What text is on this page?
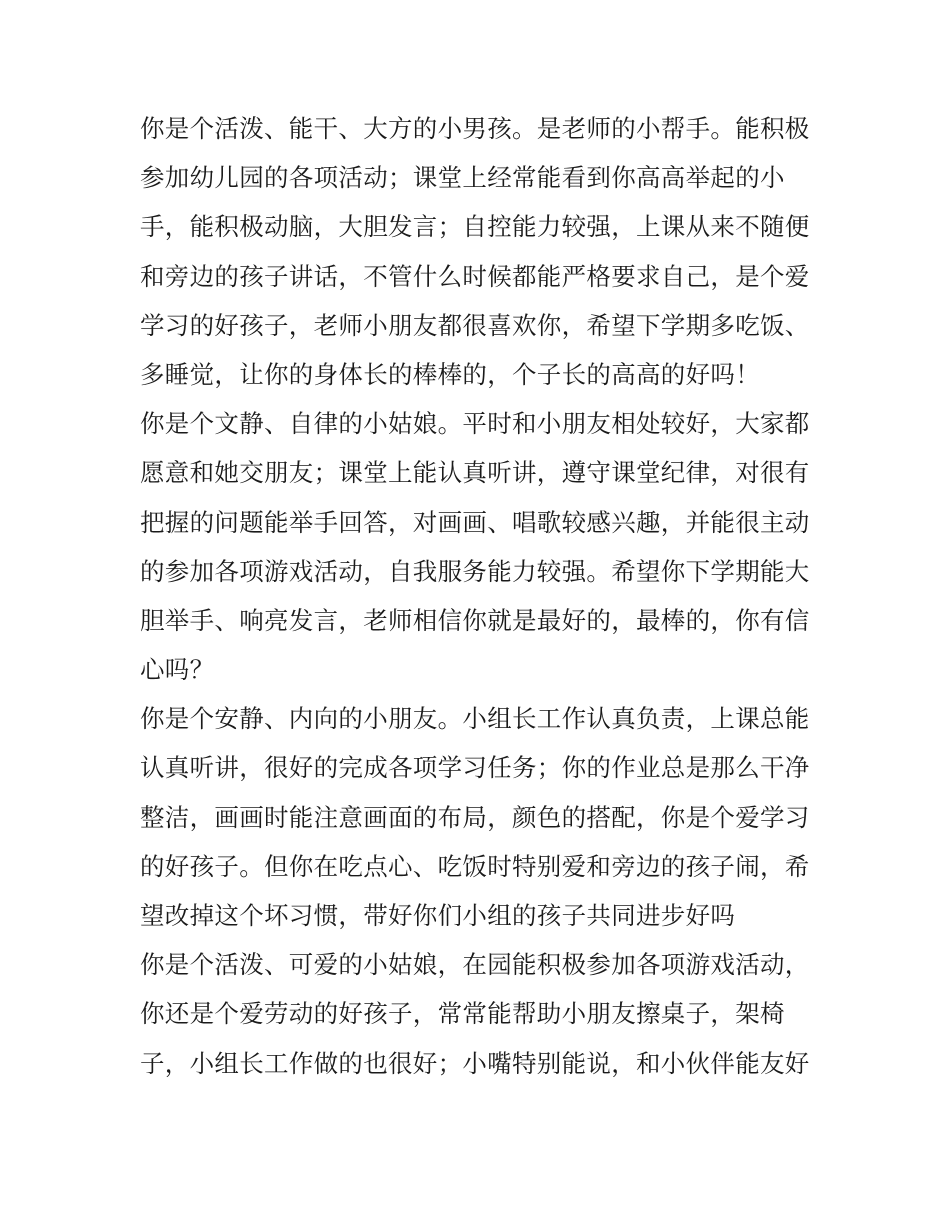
你是个活泼、能干、大方的小男孩。是老师的小帮手。能积极
参加幼儿园的各项活动；课堂上经常能看到你高高举起的小
手，能积极动脑，大胆发言；自控能力较强，上课从来不随便
和旁边的孩子讲话，不管什么时候都能严格要求自己，是个爱
学习的好孩子，老师小朋友都很喜欢你，希望下学期多吃饭、
多睡觉，让你的身体长的棒棒的，个子长的高高的好吗！
你是个文静、自律的小姑娘。平时和小朋友相处较好，大家都
愿意和她交朋友；课堂上能认真听讲，遵守课堂纪律，对很有
把握的问题能举手回答，对画画、唱歌较感兴趣，并能很主动
的参加各项游戏活动，自我服务能力较强。希望你下学期能大
胆举手、响亮发言，老师相信你就是最好的，最棒的，你有信
心吗？
你是个安静、内向的小朋友。小组长工作认真负责，上课总能
认真听讲，很好的完成各项学习任务；你的作业总是那么干净
整洁，画画时能注意画面的布局，颜色的搭配，你是个爱学习
的好孩子。但你在吃点心、吃饭时特别爱和旁边的孩子闹，希
望改掉这个坏习惯，带好你们小组的孩子共同进步好吗
你是个活泼、可爱的小姑娘，在园能积极参加各项游戏活动，
你还是个爱劳动的好孩子，常常能帮助小朋友擦桌子，架椅
子，小组长工作做的也很好；小嘴特别能说，和小伙伴能友好
